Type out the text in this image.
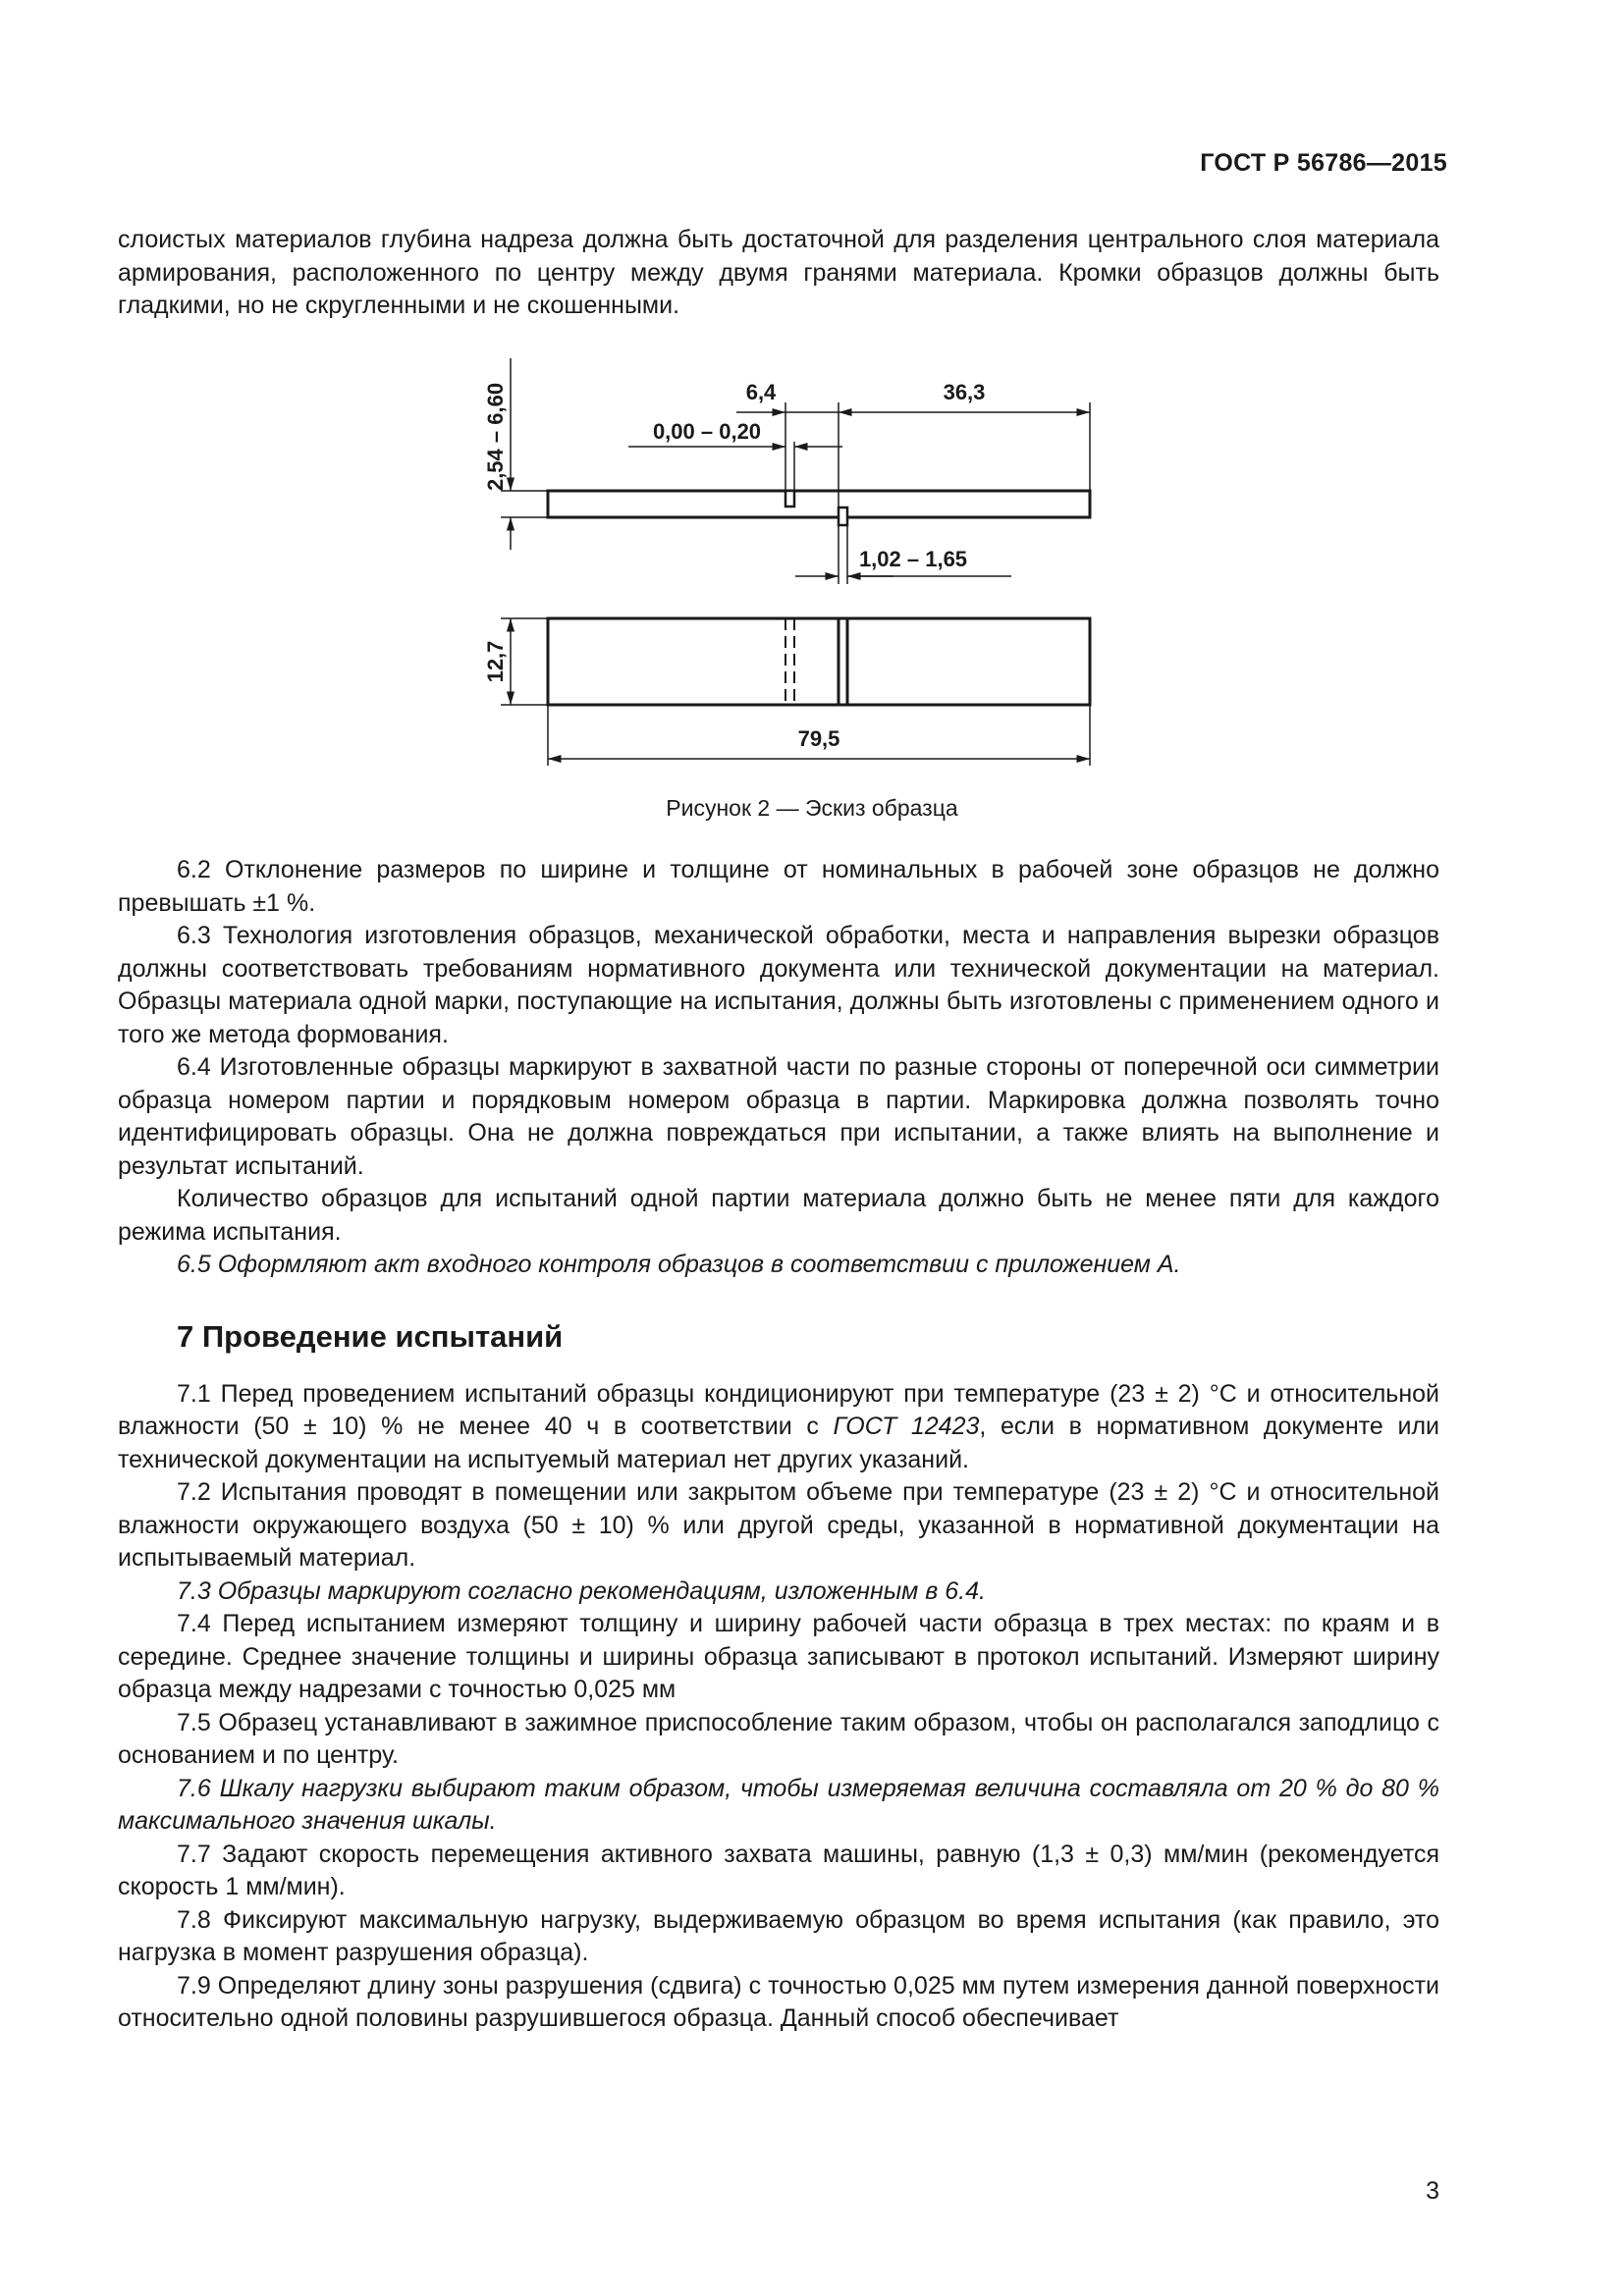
ГОСТ Р 56786—2015

слоистых материалов глубина надреза должна быть достаточной для разделения центрального слоя материала армирования, расположенного по центру между двумя гранями материала. Кромки образцов должны быть гладкими, но не скругленными и не скошенными.

2,54 – 6,60	6,4	36,3
0,00 – 0,20
1,02 – 1,65
12,7
79,5
Рисунок 2 — Эскиз образца

6.2 Отклонение размеров по ширине и толщине от номинальных в рабочей зоне образцов не должно превышать ±1 %.

6.3 Технология изготовления образцов, механической обработки, места и направления вырезки образцов должны соответствовать требованиям нормативного документа или технической документации на материал. Образцы материала одной марки, поступающие на испытания, должны быть изготовлены с применением одного и того же метода формования.

6.4 Изготовленные образцы маркируют в захватной части по разные стороны от поперечной оси симметрии образца номером партии и порядковым номером образца в партии. Маркировка должна позволять точно идентифицировать образцы. Она не должна повреждаться при испытании, а также влиять на выполнение и результат испытаний.

Количество образцов для испытаний одной партии материала должно быть не менее пяти для каждого режима испытания.

6.5 Оформляют акт входного контроля образцов в соответствии с приложением А.

7 Проведение испытаний

7.1 Перед проведением испытаний образцы кондиционируют при температуре (23 ± 2) °С и относительной влажности (50 ± 10) % не менее 40 ч в соответствии с ГОСТ 12423, если в нормативном документе или технической документации на испытуемый материал нет других указаний.

7.2 Испытания проводят в помещении или закрытом объеме при температуре (23 ± 2) °С и относительной влажности окружающего воздуха (50 ± 10) % или другой среды, указанной в нормативной документации на испытываемый материал.

7.3 Образцы маркируют согласно рекомендациям, изложенным в 6.4.

7.4 Перед испытанием измеряют толщину и ширину рабочей части образца в трех местах: по краям и в середине. Среднее значение толщины и ширины образца записывают в протокол испытаний. Измеряют ширину образца между надрезами с точностью 0,025 мм

7.5 Образец устанавливают в зажимное приспособление таким образом, чтобы он располагался заподлицо с основанием и по центру.

7.6 Шкалу нагрузки выбирают таким образом, чтобы измеряемая величина составляла от 20 % до 80 % максимального значения шкалы.

7.7 Задают скорость перемещения активного захвата машины, равную (1,3 ± 0,3) мм/мин (рекомендуется скорость 1 мм/мин).

7.8 Фиксируют максимальную нагрузку, выдерживаемую образцом во время испытания (как правило, это нагрузка в момент разрушения образца).

7.9 Определяют длину зоны разрушения (сдвига) с точностью 0,025 мм путем измерения данной поверхности относительно одной половины разрушившегося образца. Данный способ обеспечивает

3
